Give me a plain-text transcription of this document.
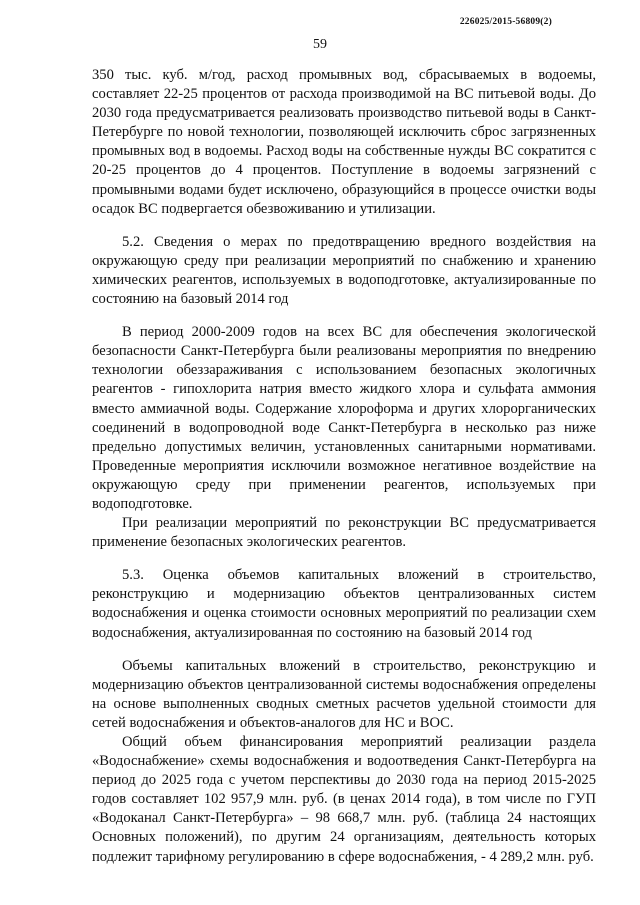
226025/2015-56809(2)
59

350 тыс. куб. м/год, расход промывных вод, сбрасываемых в водоемы, составляет 22-25 процентов от расхода производимой на ВС питьевой воды. До 2030 года предусматривается реализовать производство питьевой воды в Санкт-Петербурге по новой технологии, позволяющей исключить сброс загрязненных промывных вод в водоемы. Расход воды на собственные нужды ВС сократится с 20-25 процентов до 4 процентов. Поступление в водоемы загрязнений с промывными водами будет исключено, образующийся в процессе очистки воды осадок ВС подвергается обезвоживанию и утилизации.

5.2. Сведения о мерах по предотвращению вредного воздействия на окружающую среду при реализации мероприятий по снабжению и хранению химических реагентов, используемых в водоподготовке, актуализированные по состоянию на базовый 2014 год

В период 2000-2009 годов на всех ВС для обеспечения экологической безопасности Санкт-Петербурга были реализованы мероприятия по внедрению технологии обеззараживания с использованием безопасных экологичных реагентов - гипохлорита натрия вместо жидкого хлора и сульфата аммония вместо аммиачной воды. Содержание хлороформа и других хлорорганических соединений в водопроводной воде Санкт-Петербурга в несколько раз ниже предельно допустимых величин, установленных санитарными нормативами. Проведенные мероприятия исключили возможное негативное воздействие на окружающую среду при применении реагентов, используемых при водоподготовке.

При реализации мероприятий по реконструкции ВС предусматривается применение безопасных экологических реагентов.

5.3. Оценка объемов капитальных вложений в строительство, реконструкцию и модернизацию объектов централизованных систем водоснабжения и оценка стоимости основных мероприятий по реализации схем водоснабжения, актуализированная по состоянию на базовый 2014 год

Объемы капитальных вложений в строительство, реконструкцию и модернизацию объектов централизованной системы водоснабжения определены на основе выполненных сводных сметных расчетов удельной стоимости для сетей водоснабжения и объектов-аналогов для НС и ВОС.

Общий объем финансирования мероприятий реализации раздела «Водоснабжение» схемы водоснабжения и водоотведения Санкт-Петербурга на период до 2025 года с учетом перспективы до 2030 года на период 2015-2025 годов составляет 102 957,9 млн. руб. (в ценах 2014 года), в том числе по ГУП «Водоканал Санкт-Петербурга» – 98 668,7 млн. руб. (таблица 24 настоящих Основных положений), по другим 24 организациям, деятельность которых подлежит тарифному регулированию в сфере водоснабжения, - 4 289,2 млн. руб.
